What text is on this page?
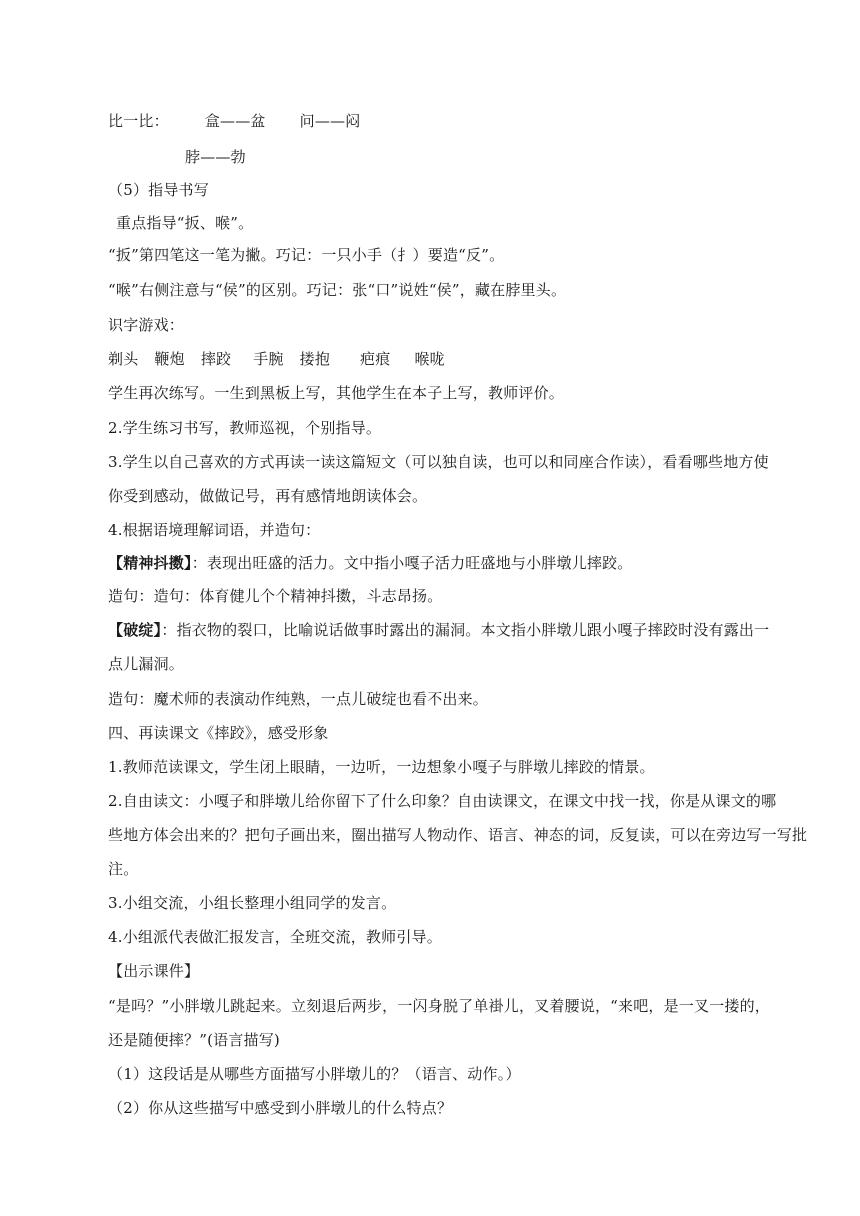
比一比： 盒——盆 问——闷
脖——勃
（5）指导书写
重点指导“扳、喉”。
“扳”第四笔这一笔为撇。巧记：一只小手（扌）要造“反”。
“喉”右侧注意与“侯”的区别。巧记：张“口”说姓“侯”，藏在脖里头。
识字游戏：
剃头 鞭炮 摔跤 手腕 搂抱 疤痕 喉咙
学生再次练写。一生到黑板上写，其他学生在本子上写，教师评价。
2.学生练习书写，教师巡视，个别指导。
3.学生以自己喜欢的方式再读一读这篇短文（可以独自读，也可以和同座合作读），看看哪些地方使
你受到感动，做做记号，再有感情地朗读体会。
4.根据语境理解词语，并造句：
【精神抖擞】：表现出旺盛的活力。文中指小嘎子活力旺盛地与小胖墩儿摔跤。
造句：造句：体育健儿个个精神抖擞，斗志昂扬。
【破绽】：指衣物的裂口，比喻说话做事时露出的漏洞。本文指小胖墩儿跟小嘎子摔跤时没有露出一
点儿漏洞。
造句：魔术师的表演动作纯熟，一点儿破绽也看不出来。
四、再读课文《摔跤》，感受形象
1.教师范读课文，学生闭上眼睛，一边听，一边想象小嘎子与胖墩儿摔跤的情景。
2.自由读文：小嘎子和胖墩儿给你留下了什么印象？自由读课文，在课文中找一找，你是从课文的哪
些地方体会出来的？把句子画出来，圈出描写人物动作、语言、神态的词，反复读，可以在旁边写一写批
注。
3.小组交流，小组长整理小组同学的发言。
4.小组派代表做汇报发言，全班交流，教师引导。
【出示课件】
“是吗？”小胖墩儿跳起来。立刻退后两步，一闪身脱了单褂儿，叉着腰说，“来吧，是一叉一搂的，
还是随便摔？”(语言描写)
（1）这段话是从哪些方面描写小胖墩儿的？（语言、动作。）
（2）你从这些描写中感受到小胖墩儿的什么特点？
